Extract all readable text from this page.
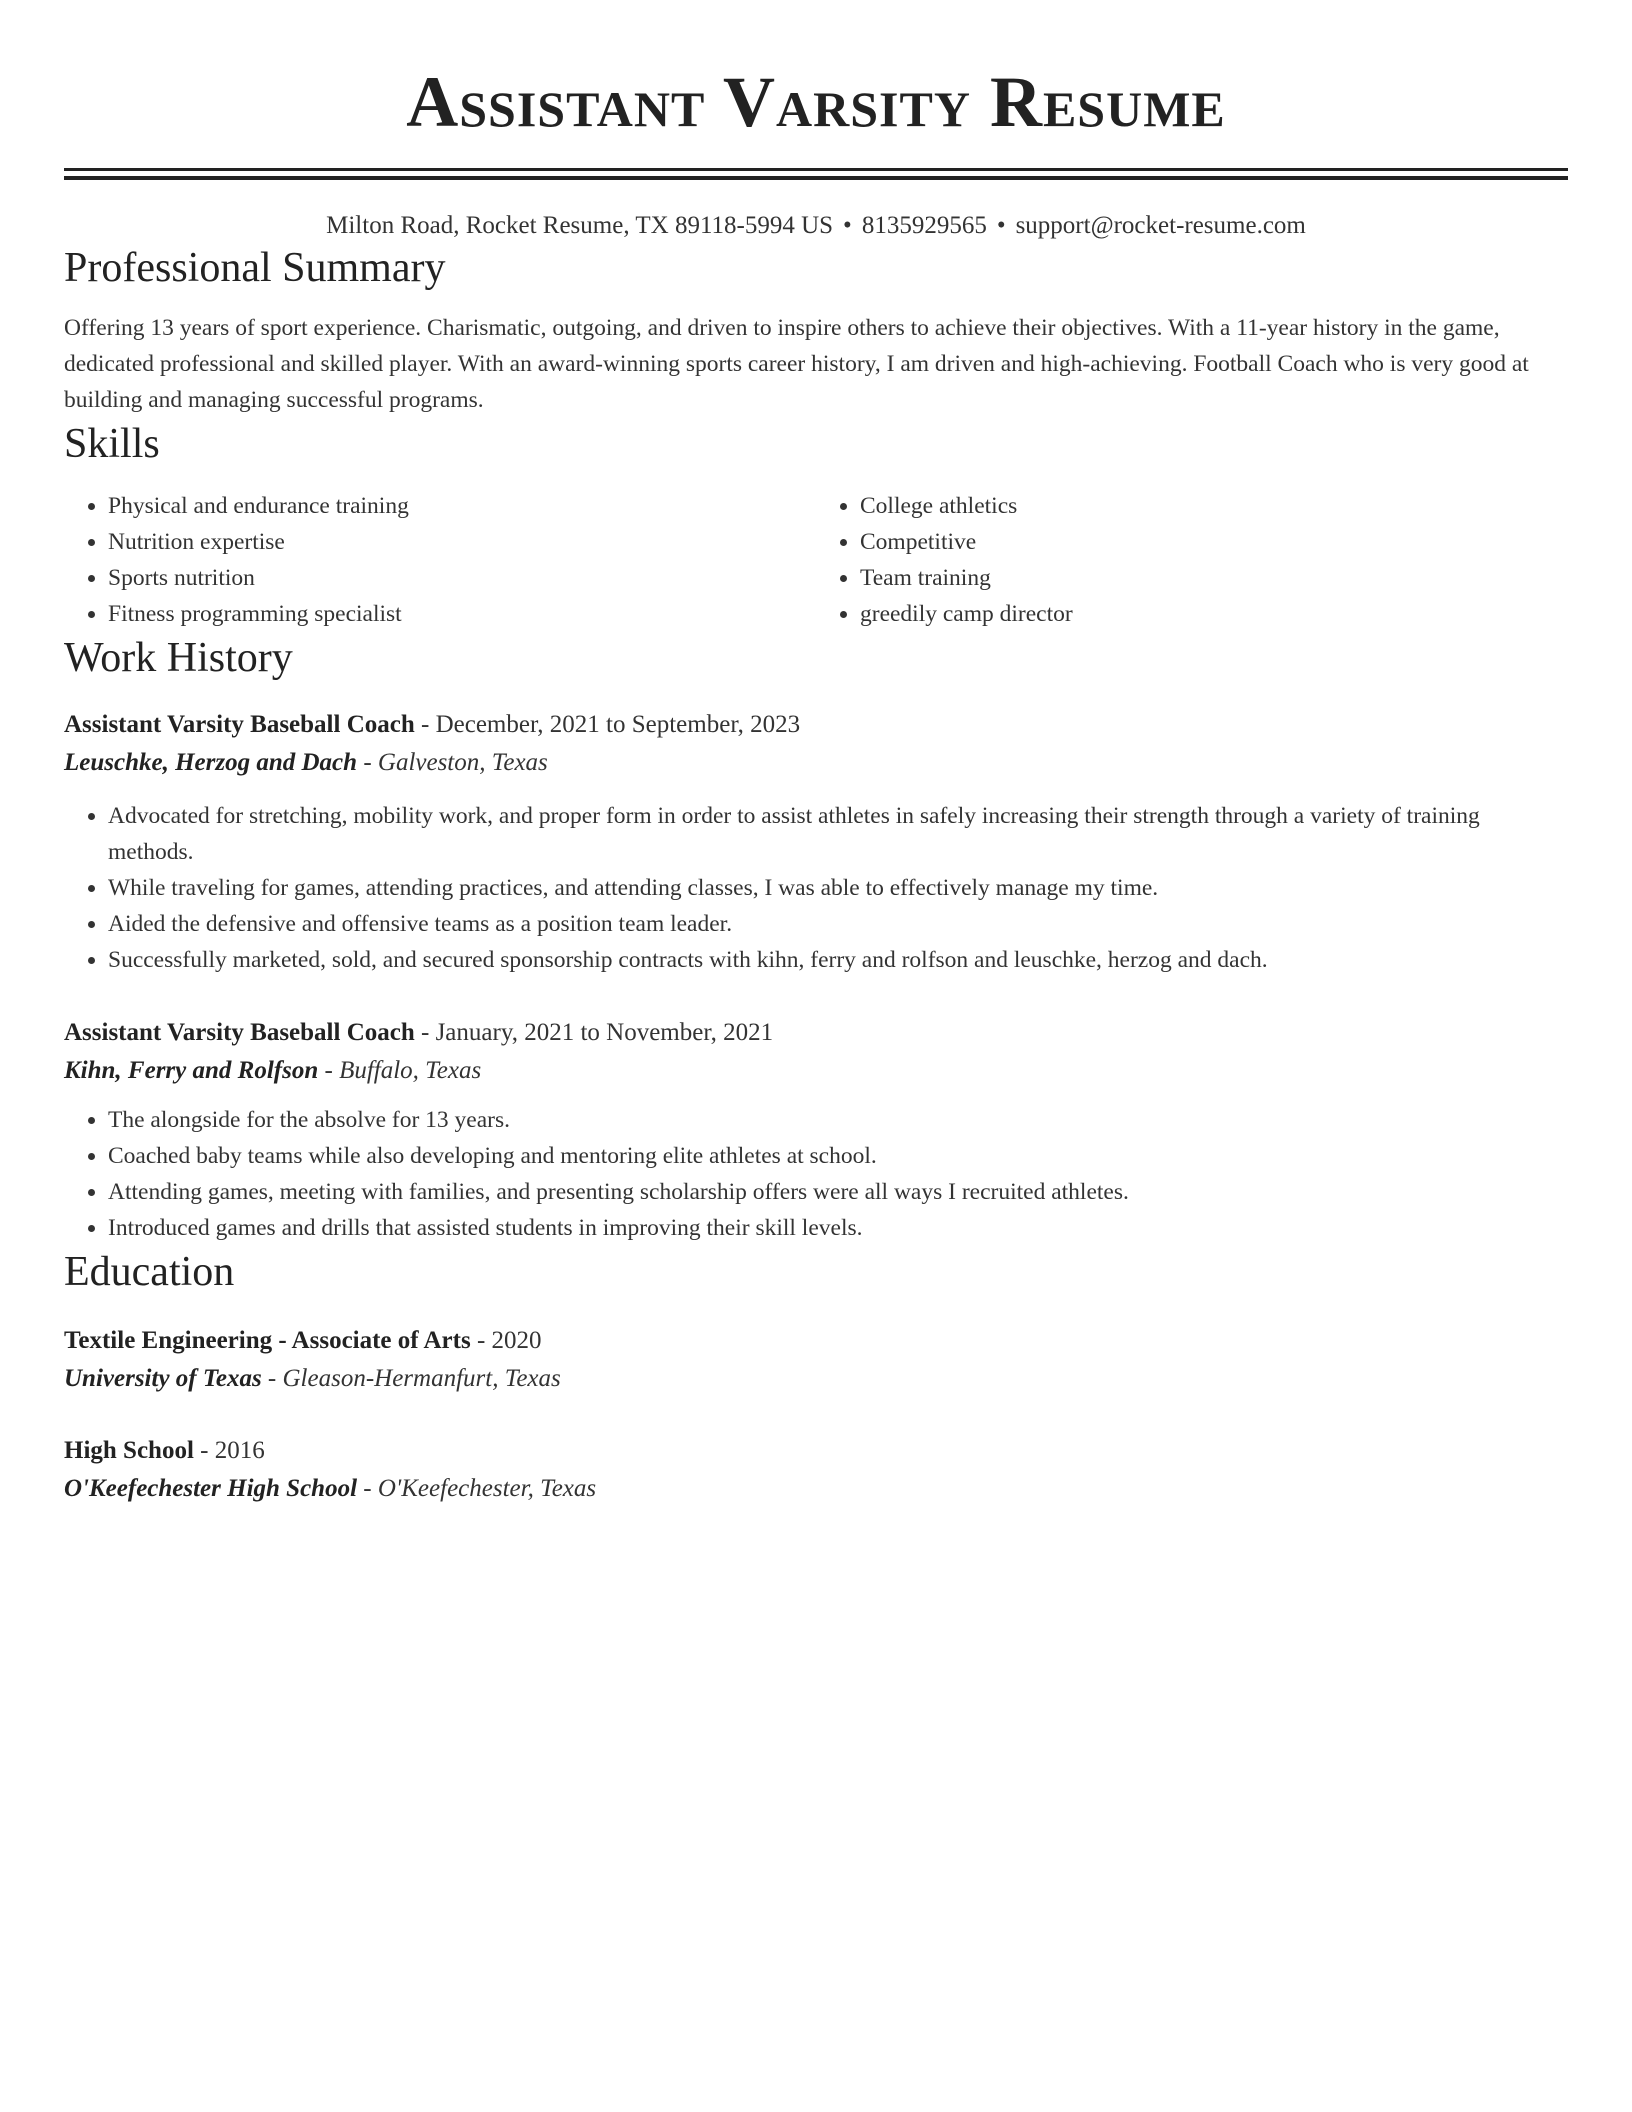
Assistant Varsity Resume
Milton Road, Rocket Resume, TX 89118-5994 US • 8135929565 • support@rocket-resume.com
Professional Summary

Offering 13 years of sport experience. Charismatic, outgoing, and driven to inspire others to achieve their objectives. With a 11-year history in the game, dedicated professional and skilled player. With an award-winning sports career history, I am driven and high-achieving. Football Coach who is very good at building and managing successful programs.

Skills
• Physical and endurance training
• Nutrition expertise
• Sports nutrition
• Fitness programming specialist
• College athletics
• Competitive
• Team training
• greedily camp director
Work History
Assistant Varsity Baseball Coach - December, 2021 to September, 2023
Leuschke, Herzog and Dach - Galveston, Texas
• Advocated for stretching, mobility work, and proper form in order to assist athletes in safely increasing their strength through a variety of training methods.
• While traveling for games, attending practices, and attending classes, I was able to effectively manage my time.
• Aided the defensive and offensive teams as a position team leader.
• Successfully marketed, sold, and secured sponsorship contracts with kihn, ferry and rolfson and leuschke, herzog and dach.
Assistant Varsity Baseball Coach - January, 2021 to November, 2021
Kihn, Ferry and Rolfson - Buffalo, Texas
• The alongside for the absolve for 13 years.
• Coached baby teams while also developing and mentoring elite athletes at school.
• Attending games, meeting with families, and presenting scholarship offers were all ways I recruited athletes.
• Introduced games and drills that assisted students in improving their skill levels.
Education
Textile Engineering - Associate of Arts - 2020
University of Texas - Gleason-Hermanfurt, Texas
High School - 2016
O'Keefechester High School - O'Keefechester, Texas
